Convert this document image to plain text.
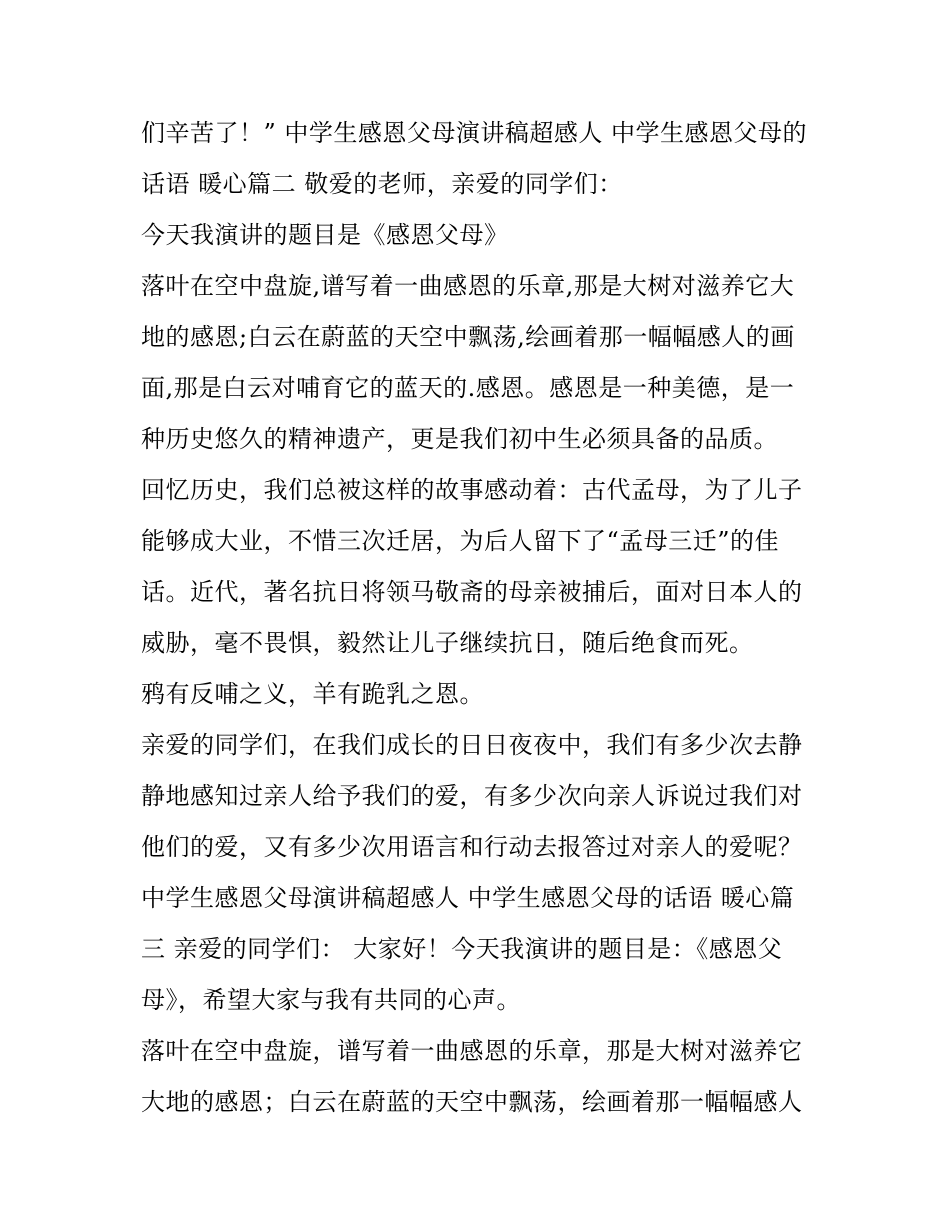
们辛苦了！” 中学生感恩父母演讲稿超感人 中学生感恩父母的
话语 暖心篇二 敬爱的老师，亲爱的同学们：
今天我演讲的题目是《感恩父母》
落叶在空中盘旋,谱写着一曲感恩的乐章,那是大树对滋养它大
地的感恩;白云在蔚蓝的天空中飘荡,绘画着那一幅幅感人的画
面,那是白云对哺育它的蓝天的.感恩。感恩是一种美德，是一
种历史悠久的精神遗产，更是我们初中生必须具备的品质。
回忆历史，我们总被这样的故事感动着：古代孟母，为了儿子
能够成大业，不惜三次迁居，为后人留下了“孟母三迁”的佳
话。近代，著名抗日将领马敬斋的母亲被捕后，面对日本人的
威胁，毫不畏惧，毅然让儿子继续抗日，随后绝食而死。
鸦有反哺之义，羊有跪乳之恩。
亲爱的同学们，在我们成长的日日夜夜中，我们有多少次去静
静地感知过亲人给予我们的爱，有多少次向亲人诉说过我们对
他们的爱，又有多少次用语言和行动去报答过对亲人的爱呢？
中学生感恩父母演讲稿超感人 中学生感恩父母的话语 暖心篇
三 亲爱的同学们： 大家好！今天我演讲的题目是：《感恩父
母》，希望大家与我有共同的心声。
落叶在空中盘旋，谱写着一曲感恩的乐章，那是大树对滋养它
大地的感恩；白云在蔚蓝的天空中飘荡，绘画着那一幅幅感人
